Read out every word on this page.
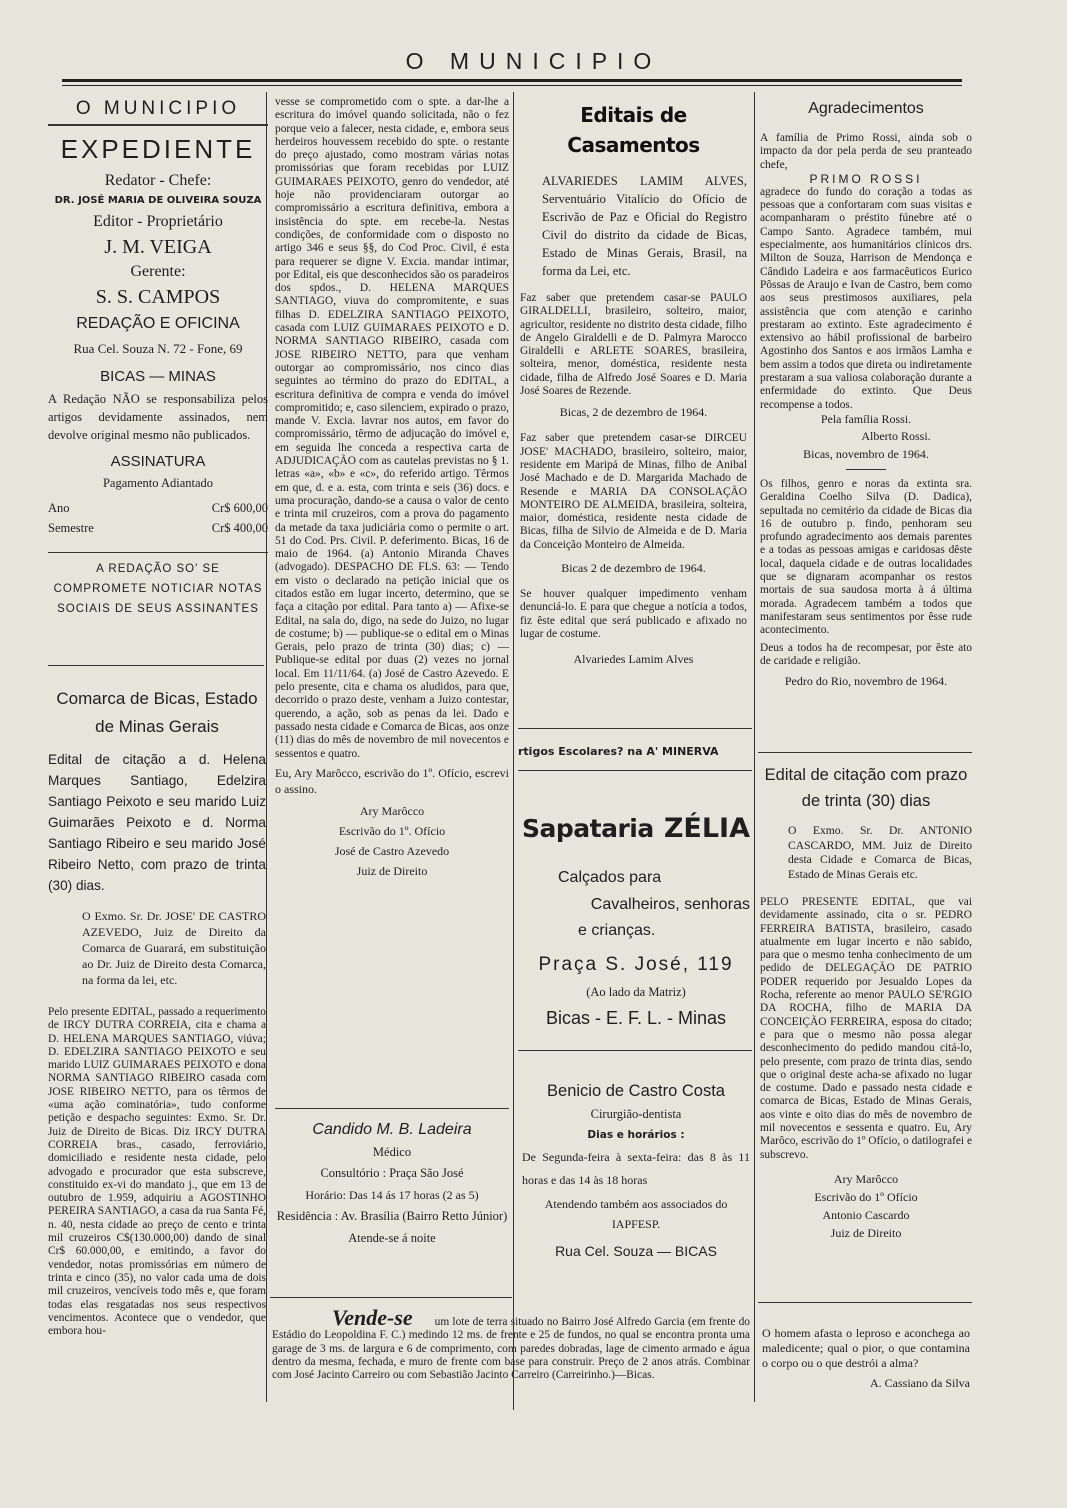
O MUNICIPIO
O MUNICIPIO
EXPEDIENTE
Redator - Chefe:
DR. JOSÉ MARIA DE OLIVEIRA SOUZA
Editor - Proprietário
J. M. VEIGA
Gerente:
S. S. CAMPOS
REDAÇÃO E OFICINA
Rua Cel. Souza N. 72 - Fone, 69
BICAS — MINAS

A Redação NÃO se responsabiliza pelos artigos devidamente assinados, nem devolve original mesmo não publicados.

ASSINATURA
Pagamento Adiantado
Ano	Cr$ 600,00
Semestre	Cr$ 400,00

A REDAÇÃO SO' SE COMPROMETE NOTICIAR NOTAS SOCIAIS DE SEUS ASSINANTES

Comarca de Bicas, Estado de Minas Gerais

Edital de citação a d. Helena Marques Santiago, Edelzira Santiago Peixoto e seu marido Luiz Guimarães Peixoto e d. Norma Santiago Ribeiro e seu marido José Ribeiro Netto, com prazo de trinta (30) dias.

O Exmo. Sr. Dr. JOSE' DE CASTRO AZEVEDO, Juiz de Direito da Comarca de Guarará, em substituição ao Dr. Juiz de Direito desta Comarca, na forma da lei, etc.

Pelo presente EDITAL, passado a requerimento de IRCY DUTRA CORREIA, cita e chama a D. HELENA MARQUES SANTIAGO, viúva; D. EDELZIRA SANTIAGO PEIXOTO e seu marido LUIZ GUIMARAES PEIXOTO e dona NORMA SANTIAGO RIBEIRO casada com JOSE RIBEIRO NETTO, para os têrmos de «uma ação cominatória», tudo conforme petição e despacho seguintes: Exmo. Sr. Dr. Juiz de Direito de Bicas. Diz IRCY DUTRA CORREIA bras., casado, ferroviário, domiciliado e residente nesta cidade, pelo advogado e procurador que esta subscreve, constituido ex-vi do mandato j., que em 13 de outubro de 1.959, adquiriu a AGOSTINHO PEREIRA SANTIAGO, a casa da rua Santa Fé, n. 40, nesta cidade ao preço de cento e trinta mil cruzeiros C$(130.000,00) dando de sinal Cr$ 60.000,00, e emitindo, a favor do vendedor, notas promissórias em número de trinta e cinco (35), no valor cada uma de dois mil cruzeiros, vencíveis todo mês e, que foram todas elas resgatadas nos seus respectivos vencimentos. Acontece que o vendedor, que embora hou-

vesse se comprometido com o spte. a dar-lhe a escritura do imóvel quando solicitada, não o fez porque veio a falecer, nesta cidade, e, embora seus herdeiros houvessem recebido do spte. o restante do preço ajustado, como mostram várias notas promissórias que foram recebidas por LUIZ GUIMARAES PEIXOTO, genro do vendedor, até hoje não providenciaram outorgar ao compromissário a escritura definitiva, embora a insistência do spte. em recebe-la. Nestas condições, de conformidade com o disposto no artigo 346 e seus §§, do Cod Proc. Civil, é esta para requerer se digne V. Excia. mandar intimar, por Edital, eis que desconhecidos são os paradeiros dos spdos., D. HELENA MARQUES SANTIAGO, viuva do compromitente, e suas filhas D. EDELZIRA SANTIAGO PEIXOTO, casada com LUIZ GUIMARAES PEIXOTO e D. NORMA SANTIAGO RIBEIRO, casada com JOSE RIBEIRO NETTO, para que venham outorgar ao compromissário, nos cinco dias seguintes ao término do prazo do EDITAL, a escritura definitiva de compra e venda do imóvel compromitido; e, caso silenciem, expirado o prazo, mande V. Excia. lavrar nos autos, em favor do compromissário, têrmo de adjucação do imóvel e, em seguida lhe conceda a respectiva carta de ADJUDICAÇÃO com as cautelas previstas no § 1. letras «a», «b» e «c», do referido artigo. Têrmos em que, d. e a. esta, com trinta e seis (36) docs. e uma procuração, dando-se a causa o valor de cento e trinta mil cruzeiros, com a prova do pagamento da metade da taxa judiciária como o permite o art. 51 do Cod. Prs. Civil. P. deferimento. Bicas, 16 de maio de 1964. (a) Antonio Miranda Chaves (advogado). DESPACHO DE FLS. 63: — Tendo em visto o declarado na petição inicial que os citados estão em lugar incerto, determino, que se faça a citação por edital. Para tanto a) — Afixe-se Edital, na sala do, digo, na sede do Juizo, no lugar de costume; b) — publique-se o edital em o Minas Gerais, pelo prazo de trinta (30) dias; c) — Publique-se edital por duas (2) vezes no jornal local. Em 11/11/64. (a) José de Castro Azevedo. E pelo presente, cita e chama os aludidos, para que, decorrido o prazo deste, venham a Juizo contestar, querendo, a ação, sob as penas da lei. Dado e passado nesta cidade e Comarca de Bicas, aos onze (11) dias do mês de novembro de mil novecentos e sessentos e quatro.

Eu, Ary Marôcco, escrivão do 1º. Ofício, escrevi o assino.

Ary Marôcco
Escrivão do 1º. Ofício
José de Castro Azevedo
Juiz de Direito
Candido M. B. Ladeira
Médico
Consultório : Praça São José
Horário: Das 14 ás 17 horas (2 as 5)
Residência : Av. Brasília (Bairro Retto Júnior)
Atende-se á noite
Editais de Casamentos

ALVARIEDES LAMIM ALVES, Serventuário Vitalício do Ofício de Escrivão de Paz e Oficial do Registro Civil do distrito da cidade de Bicas, Estado de Minas Gerais, Brasil, na forma da Lei, etc.

Faz saber que pretendem casar-se PAULO GIRALDELLI, brasileiro, solteiro, maior, agricultor, residente no distrito desta cidade, filho de Angelo Giraldelli e de D. Palmyra Marocco Giraldelli e ARLETE SOARES, brasileira, solteira, menor, doméstica, residente nesta cidade, filha de Alfredo José Soares e D. Maria José Soares de Rezende.

Bicas, 2 de dezembro de 1964.

Faz saber que pretendem casar-se DIRCEU JOSE' MACHADO, brasileiro, solteiro, maior, residente em Maripá de Minas, filho de Anibal José Machado e de D. Margarida Machado de Resende e MARIA DA CONSOLAÇÃO MONTEIRO DE ALMEIDA, brasileira, solteira, maior, doméstica, residente nesta cidade de Bicas, filha de Silvio de Almeida e de D. Maria da Conceição Monteiro de Almeida.

Bicas 2 de dezembro de 1964.

Se houver qualquer impedimento venham denunciá-lo. E para que chegue a notícia a todos, fiz êste edital que será publicado e afixado no lugar de costume.

Alvariedes Lamim Alves
rtigos Escolares? na A' MINERVA
Sapataria ZÉLIA
Calçados para
Cavalheiros, senhoras
e crianças.
Praça S. José, 119
(Ao lado da Matriz)
Bicas - E. F. L. - Minas
Benicio de Castro Costa
Cirurgião-dentista
Dias e horários :

De Segunda-feira à sexta-feira: das 8 às 11 horas e das 14 às 18 horas

Atendendo também aos associados do IAPFESP.

Rua Cel. Souza — BICAS
Agradecimentos

A família de Primo Rossi, ainda sob o impacto da dor pela perda de seu pranteado chefe,

PRIMO ROSSI

agradece do fundo do coração a todas as pessoas que a confortaram com suas visitas e acompanharam o préstito fúnebre até o Campo Santo. Agradece também, mui especialmente, aos humanitários clínicos drs. Milton de Souza, Harrison de Mendonça e Cândido Ladeira e aos farmacêuticos Eurico Pôssas de Araujo e Ivan de Castro, bem como aos seus prestimosos auxiliares, pela assistência que com atenção e carinho prestaram ao extinto. Este agradecimento é extensivo ao hábil profissional de barbeiro Agostinho dos Santos e aos irmãos Lamha e bem assim a todos que direta ou indiretamente prestaram a sua valiosa colaboração durante a enfermidade do extinto. Que Deus recompense a todos.

Pela família Rossi.
Alberto Rossi.
Bicas, novembro de 1964.

Os filhos, genro e noras da extinta sra. Geraldina Coelho Silva (D. Dadica), sepultada no cemitério da cidade de Bicas dia 16 de outubro p. findo, penhoram seu profundo agradecimento aos demais parentes e a todas as pessoas amigas e caridosas dêste local, daquela cidade e de outras localidades que se dignaram acompanhar os restos mortais de sua saudosa morta à á última morada. Agradecem também a todos que manifestaram seus sentimentos por êsse rude acontecimento.

Deus a todos ha de recompesar, por êste ato de caridade e religião.

Pedro do Rio, novembro de 1964.
Edital de citação com prazo de trinta (30) dias

O Exmo. Sr. Dr. ANTONIO CASCARDO, MM. Juiz de Direito desta Cidade e Comarca de Bicas, Estado de Minas Gerais etc.

PELO PRESENTE EDITAL, que vai devidamente assinado, cita o sr. PEDRO FERREIRA BATISTA, brasileiro, casado atualmente em lugar incerto e não sabido, para que o mesmo tenha conhecimento de um pedido de DELEGAÇÃO DE PATRIO PODER requerido por Jesualdo Lopes da Rocha, referente ao menor PAULO SE'RGIO DA ROCHA, filho de MARIA DA CONCEIÇÃO FERREIRA, esposa do citado; e para que o mesmo não possa alegar desconhecimento do pedido mandou citá-lo, pelo presente, com prazo de trinta dias, sendo que o original deste acha-se afixado no lugar de costume. Dado e passado nesta cidade e comarca de Bicas, Estado de Minas Gerais, aos vinte e oito dias do mês de novembro de mil novecentos e sessenta e quatro. Eu, Ary Marôco, escrivão do 1º Ofício, o datilografei e subscrevo.

Ary Marôcco
Escrivão do 1º Ofício
Antonio Cascardo
Juiz de Direito

O homem afasta o leproso e aconchega ao maledicente; qual o pior, o que contamina o corpo ou o que destrói a alma?

A. Cassiano da Silva
Vende-se um lote de terra situado no Bairro José Alfredo Garcia (em frente do Estádio do Leopoldina F. C.) medindo 12 ms. de frente e 25 de fundos, no qual se encontra pronta uma garage de 3 ms. de largura e 6 de comprimento, com paredes dobradas, lage de cimento armado e água dentro da mesma, fechada, e muro de frente com base para construir. Preço de 2 anos atrás. Combinar com José Jacinto Carreiro ou com Sebastião Jacinto Carreiro (Carreirinho.)—Bicas.
